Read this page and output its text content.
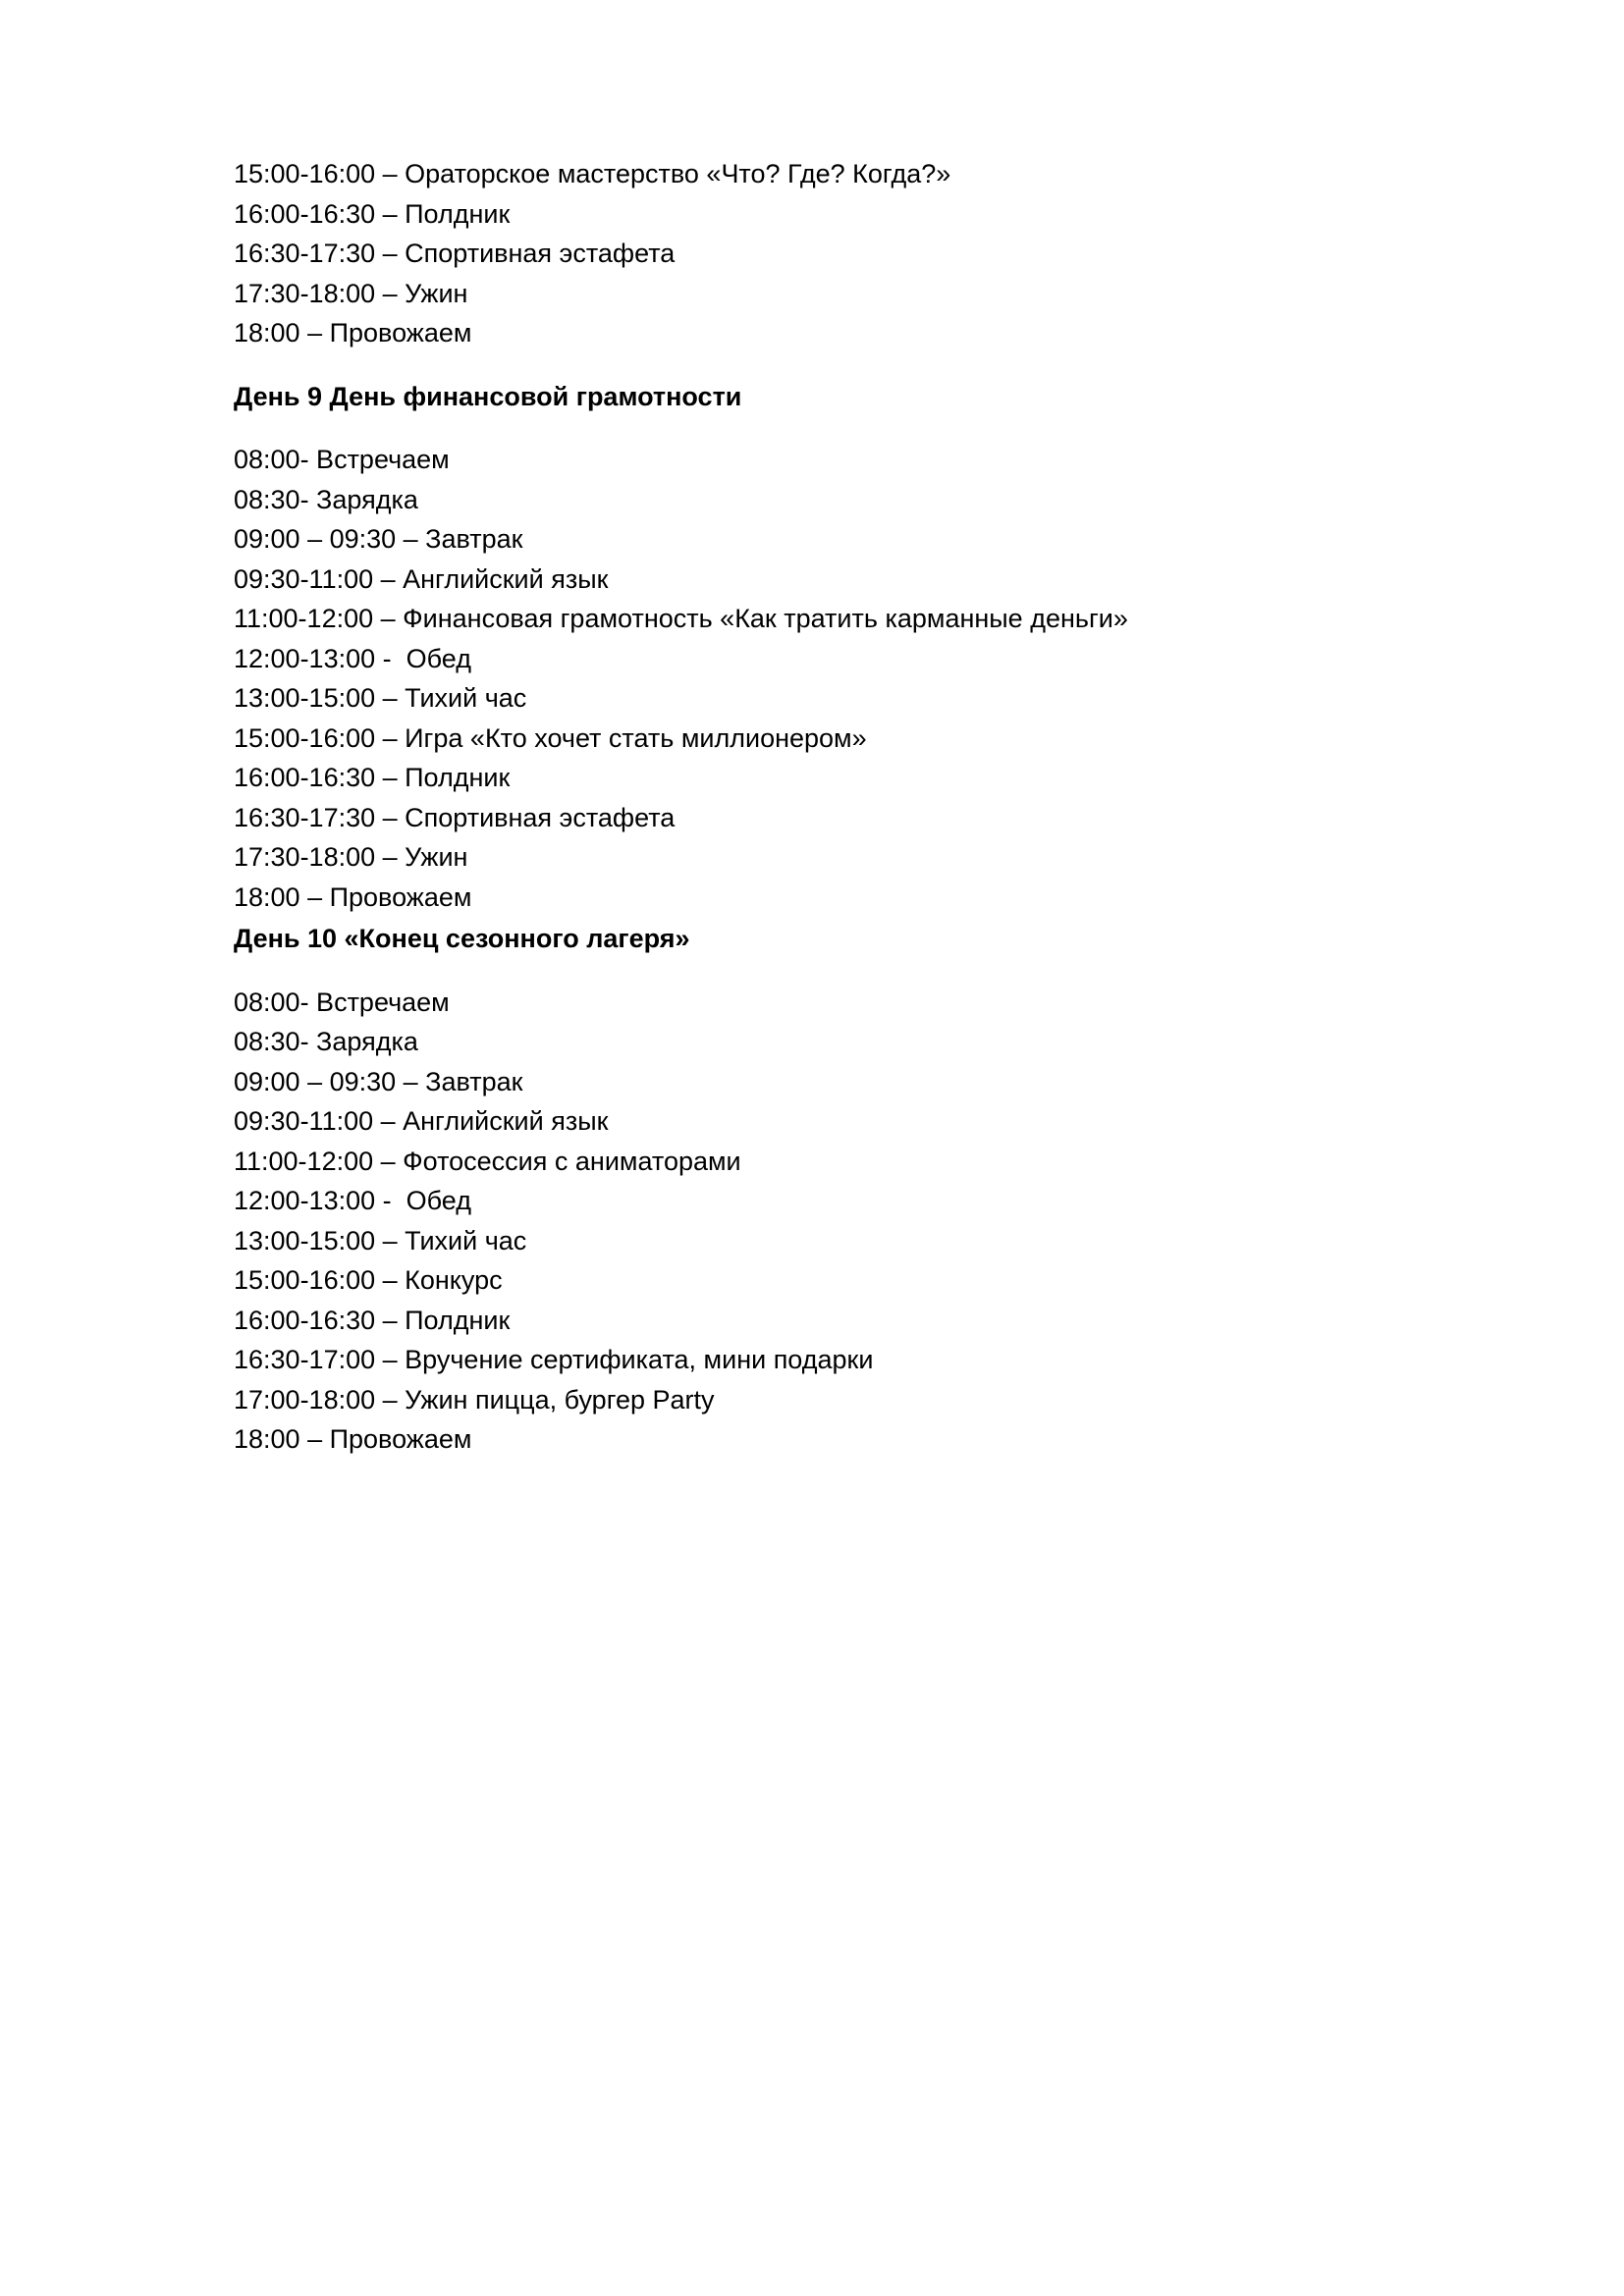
15:00-16:00 – Ораторское мастерство «Что? Где? Когда?»
16:00-16:30 – Полдник
16:30-17:30 – Спортивная эстафета
17:30-18:00 – Ужин
18:00 – Провожаем
День 9 День финансовой грамотности
08:00- Встречаем
08:30- Зарядка
09:00 – 09:30 – Завтрак
09:30-11:00 – Английский язык
11:00-12:00 – Финансовая грамотность «Как тратить карманные деньги»
12:00-13:00 -  Обед
13:00-15:00 – Тихий час
15:00-16:00 – Игра «Кто хочет стать миллионером»
16:00-16:30 – Полдник
16:30-17:30 – Спортивная эстафета
17:30-18:00 – Ужин
18:00 – Провожаем
День 10 «Конец сезонного лагеря»
08:00- Встречаем
08:30- Зарядка
09:00 – 09:30 – Завтрак
09:30-11:00 – Английский язык
11:00-12:00 – Фотосессия с аниматорами
12:00-13:00 -  Обед
13:00-15:00 – Тихий час
15:00-16:00 – Конкурс
16:00-16:30 – Полдник
16:30-17:00 – Вручение сертификата, мини подарки
17:00-18:00 – Ужин пицца, бургер Party
18:00 – Провожаем
